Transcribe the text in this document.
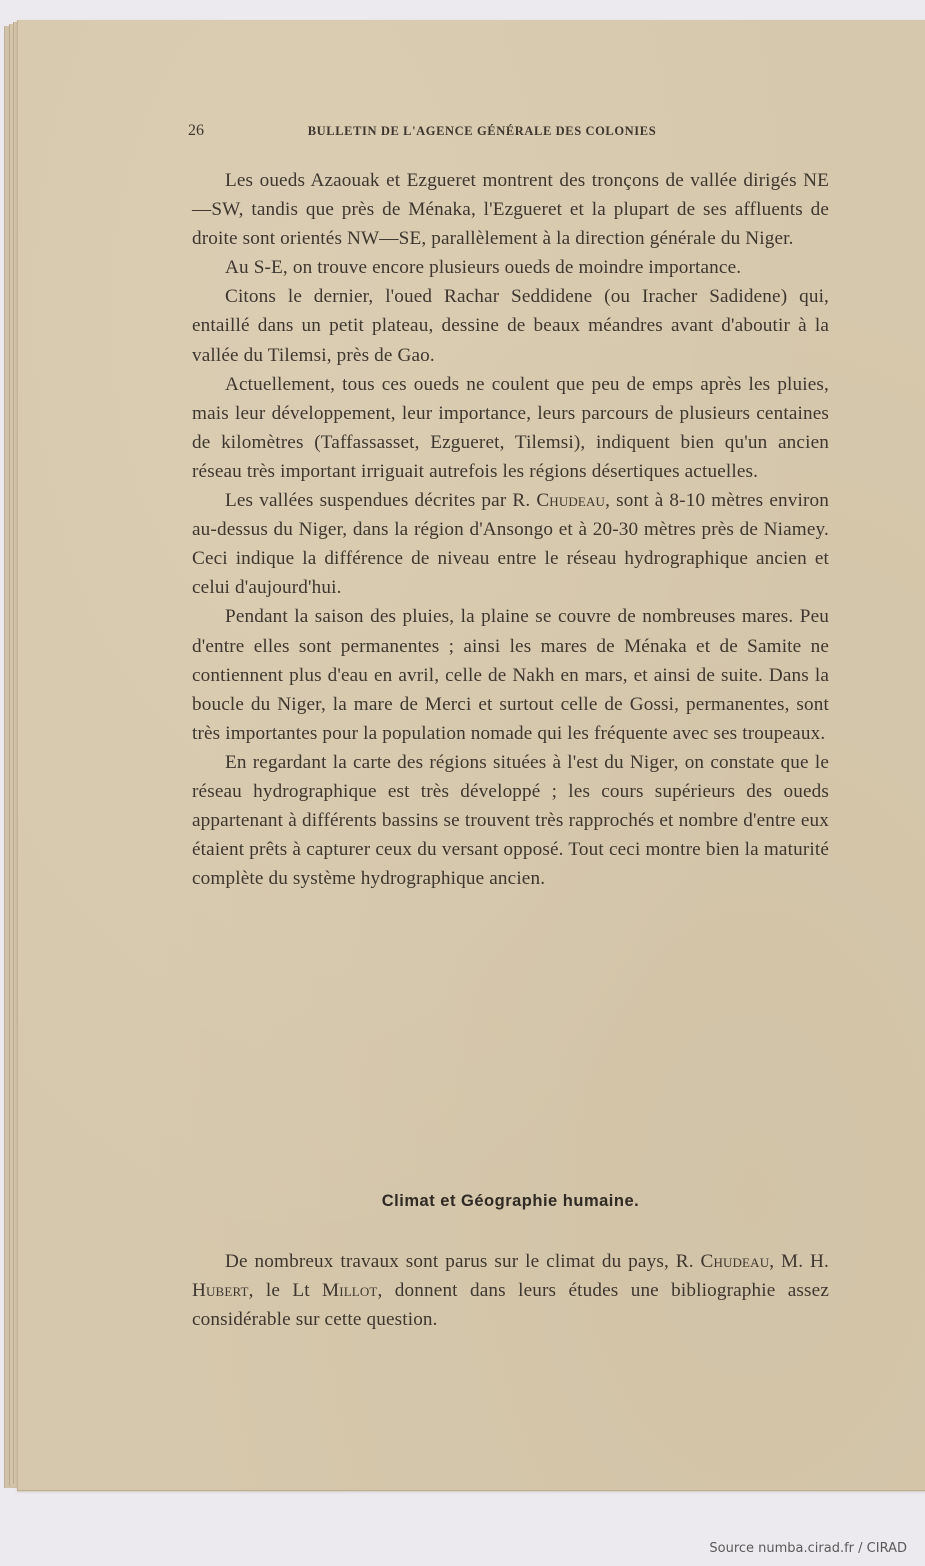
26	BULLETIN DE L'AGENCE GÉNÉRALE DES COLONIES

Les oueds Azaouak et Ezgueret montrent des tronçons de vallée dirigés NE—SW, tandis que près de Ménaka, l'Ezgueret et la plupart de ses affluents de droite sont orientés NW—SE, parallèlement à la direction générale du Niger.

Au S-E, on trouve encore plusieurs oueds de moindre importance.

Citons le dernier, l'oued Rachar Seddidene (ou Iracher Sadidene) qui, entaillé dans un petit plateau, dessine de beaux méandres avant d'aboutir à la vallée du Tilemsi, près de Gao.

Actuellement, tous ces oueds ne coulent que peu de emps après les pluies, mais leur développement, leur importance, leurs parcours de plusieurs centaines de kilomètres (Taffassasset, Ezgueret, Tilemsi), indiquent bien qu'un ancien réseau très important irriguait autrefois les régions désertiques actuelles.

Les vallées suspendues décrites par R. Chudeau, sont à 8-10 mètres environ au-dessus du Niger, dans la région d'Ansongo et à 20-30 mètres près de Niamey. Ceci indique la différence de niveau entre le réseau hydrographique ancien et celui d'aujourd'hui.

Pendant la saison des pluies, la plaine se couvre de nombreuses mares. Peu d'entre elles sont permanentes ; ainsi les mares de Ménaka et de Samite ne contiennent plus d'eau en avril, celle de Nakh en mars, et ainsi de suite. Dans la boucle du Niger, la mare de Merci et surtout celle de Gossi, permanentes, sont très importantes pour la population nomade qui les fréquente avec ses troupeaux.

En regardant la carte des régions situées à l'est du Niger, on constate que le réseau hydrographique est très développé ; les cours supérieurs des oueds appartenant à différents bassins se trouvent très rapprochés et nombre d'entre eux étaient prêts à capturer ceux du versant opposé. Tout ceci montre bien la maturité complète du système hydrographique ancien.

Climat et Géographie humaine.

De nombreux travaux sont parus sur le climat du pays, R. Chudeau, M. H. Hubert, le Lt Millot, donnent dans leurs études une bibliographie assez considérable sur cette question.

Source numba.cirad.fr / CIRAD
